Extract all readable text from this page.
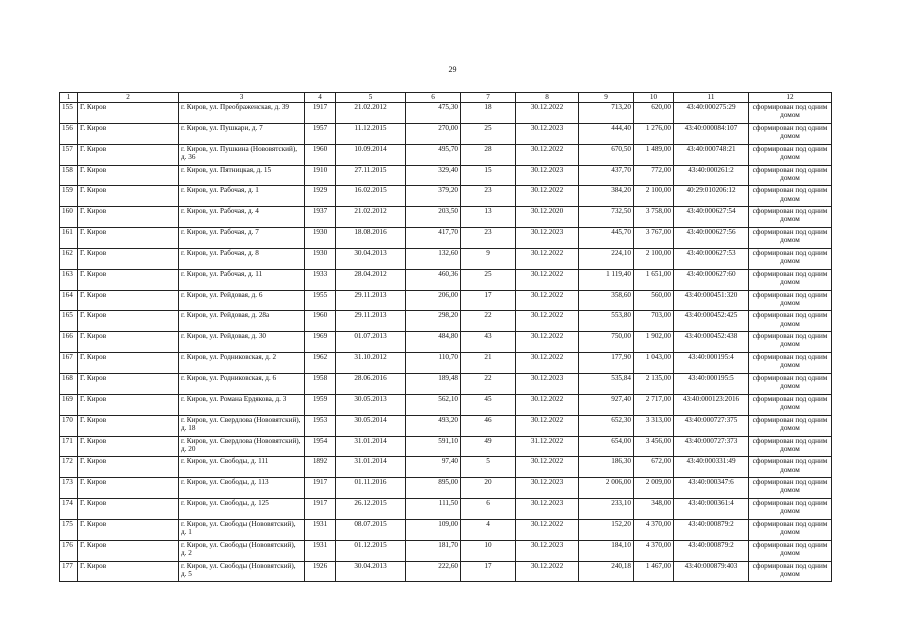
29
1	2	3	4	5	6	7	8	9	10	11	12
155	Г. Киров	г. Киров, ул. Преображенская, д. 39	1917	21.02.2012	475,30	18	30.12.2022	713,20	620,00	43:40:000275:29	сформирован под одним домом
156	Г. Киров	г. Киров, ул. Пушкари, д. 7	1957	11.12.2015	270,00	25	30.12.2023	444,40	1 276,00	43:40:000084:107	сформирован под одним домом
157	Г. Киров	г. Киров, ул. Пушкина (Нововятский), д. 36	1960	10.09.2014	495,70	28	30.12.2022	670,50	1 489,00	43:40:000748:21	сформирован под одним домом
158	Г. Киров	г. Киров, ул. Пятницкая, д. 15	1910	27.11.2015	329,40	15	30.12.2023	437,70	772,00	43:40:000261:2	сформирован под одним домом
159	Г. Киров	г. Киров, ул. Рабочая, д. 1	1929	16.02.2015	379,20	23	30.12.2022	384,20	2 100,00	40:29:010206:12	сформирован под одним домом
160	Г. Киров	г. Киров, ул. Рабочая, д. 4	1937	21.02.2012	203,50	13	30.12.2020	732,50	3 758,00	43:40:000627:54	сформирован под одним домом
161	Г. Киров	г. Киров, ул. Рабочая, д. 7	1930	18.08.2016	417,70	23	30.12.2023	445,70	3 767,00	43:40:000627:56	сформирован под одним домом
162	Г. Киров	г. Киров, ул. Рабочая, д. 8	1930	30.04.2013	132,60	9	30.12.2022	224,10	2 100,00	43:40:000627:53	сформирован под одним домом
163	Г. Киров	г. Киров, ул. Рабочая, д. 11	1933	28.04.2012	460,36	25	30.12.2022	1 119,40	1 651,00	43:40:000627:60	сформирован под одним домом
164	Г. Киров	г. Киров, ул. Рейдовая, д. 6	1955	29.11.2013	206,00	17	30.12.2022	358,60	560,00	43:40:000451:320	сформирован под одним домом
165	Г. Киров	г. Киров, ул. Рейдовая, д. 28а	1960	29.11.2013	298,20	22	30.12.2022	553,80	703,00	43:40:000452:425	сформирован под одним домом
166	Г. Киров	г. Киров, ул. Рейдовая, д. 30	1969	01.07.2013	484,80	43	30.12.2022	750,00	1 902,00	43:40:000452:438	сформирован под одним домом
167	Г. Киров	г. Киров, ул. Родниковская, д. 2	1962	31.10.2012	110,70	21	30.12.2022	177,90	1 043,00	43:40:000195:4	сформирован под одним домом
168	Г. Киров	г. Киров, ул. Родниковская, д. 6	1958	28.06.2016	189,48	22	30.12.2023	535,84	2 135,00	43:40:000195:5	сформирован под одним домом
169	Г. Киров	г. Киров, ул. Романа Ердякова, д. 3	1959	30.05.2013	562,10	45	30.12.2022	927,40	2 717,00	43:40:000123:2016	сформирован под одним домом
170	Г. Киров	г. Киров, ул. Свердлова (Нововятский), д. 18	1953	30.05.2014	493,20	46	30.12.2022	652,30	3 313,00	43:40:000727:375	сформирован под одним домом
171	Г. Киров	г. Киров, ул. Свердлова (Нововятский), д. 20	1954	31.01.2014	591,10	49	31.12.2022	654,00	3 456,00	43:40:000727:373	сформирован под одним домом
172	Г. Киров	г. Киров, ул. Свободы, д. 111	1892	31.01.2014	97,40	5	30.12.2022	186,30	672,00	43:40:000331:49	сформирован под одним домом
173	Г. Киров	г. Киров, ул. Свободы, д. 113	1917	01.11.2016	895,00	20	30.12.2023	2 006,00	2 009,00	43:40:000347:6	сформирован под одним домом
174	Г. Киров	г. Киров, ул. Свободы, д. 125	1917	26.12.2015	111,50	6	30.12.2023	233,10	348,00	43:40:000361:4	сформирован под одним домом
175	Г. Киров	г. Киров, ул. Свободы (Нововятский), д. 1	1931	08.07.2015	109,00	4	30.12.2022	152,20	4 370,00	43:40:000879:2	сформирован под одним домом
176	Г. Киров	г. Киров, ул. Свободы (Нововятский), д. 2	1931	01.12.2015	181,70	10	30.12.2023	184,10	4 370,00	43:40:000879:2	сформирован под одним домом
177	Г. Киров	г. Киров, ул. Свободы (Нововятский), д. 5	1926	30.04.2013	222,60	17	30.12.2022	240,18	1 467,00	43:40:000879:403	сформирован под одним домом
